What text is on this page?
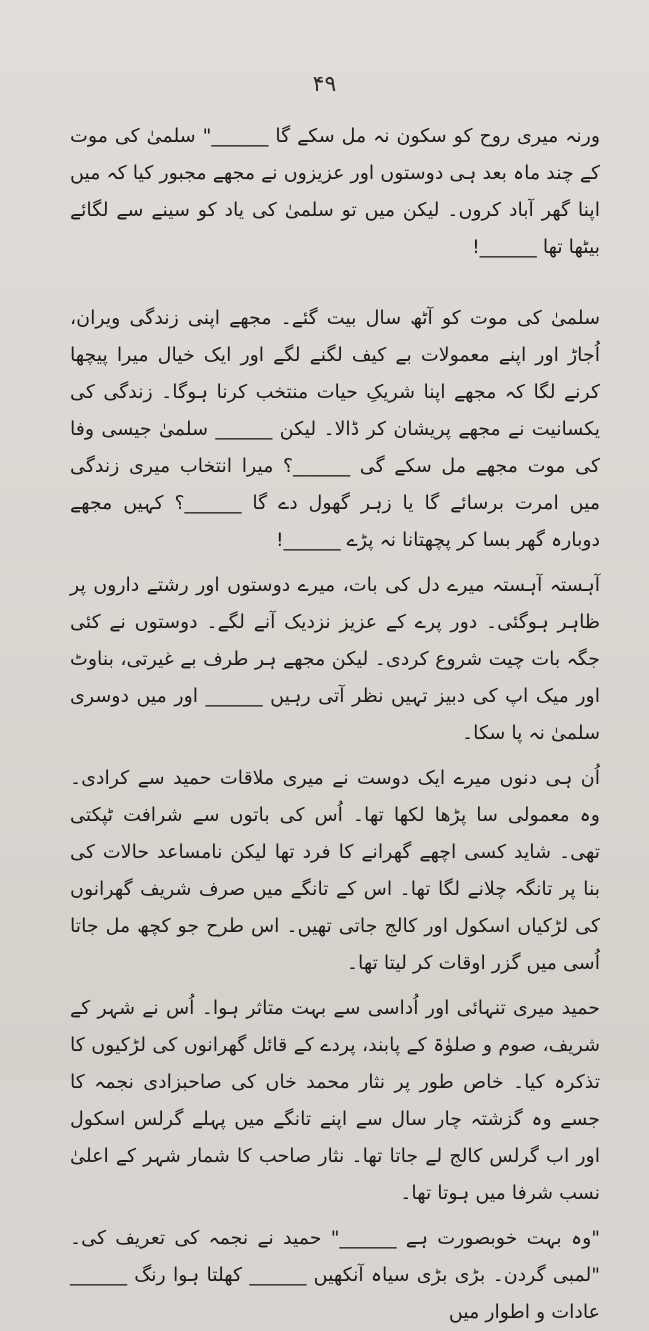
۴۹

ورنہ میری روح کو سکون نہ مل سکے گا ______" سلمیٰ کی موت کے چند ماہ بعد ہی دوستوں اور عزیزوں نے مجھے مجبور کیا کہ میں اپنا گھر آباد کروں۔ لیکن میں تو سلمیٰ کی یاد کو سینے سے لگائے بیٹھا تھا ______!

سلمیٰ کی موت کو آٹھ سال بیت گئے۔ مجھے اپنی زندگی ویران، اُجاڑ اور اپنے معمولات بے کیف لگنے لگے اور ایک خیال میرا پیچھا کرنے لگا کہ مجھے اپنا شریکِ حیات منتخب کرنا ہوگا۔ زندگی کی یکسانیت نے مجھے پریشان کر ڈالا۔ لیکن ______ سلمیٰ جیسی وفا کی موت مجھے مل سکے گی ______؟ میرا انتخاب میری زندگی میں امرت برسائے گا یا زہر گھول دے گا ______؟ کہیں مجھے دوبارہ گھر بسا کر پچھتانا نہ پڑے ______!

آہستہ آہستہ میرے دل کی بات، میرے دوستوں اور رشتے داروں پر ظاہر ہوگئی۔ دور پرے کے عزیز نزدیک آنے لگے۔ دوستوں نے کئی جگہ بات چیت شروع کردی۔ لیکن مجھے ہر طرف بے غیرتی، بناوٹ اور میک اپ کی دبیز تہیں نظر آتی رہیں ______ اور میں دوسری سلمیٰ نہ پا سکا۔

اُن ہی دنوں میرے ایک دوست نے میری ملاقات حمید سے کرادی۔ وہ معمولی سا پڑھا لکھا تھا۔ اُس کی باتوں سے شرافت ٹپکتی تھی۔ شاید کسی اچھے گھرانے کا فرد تھا لیکن نامساعد حالات کی بنا پر تانگہ چلانے لگا تھا۔ اس کے تانگے میں صرف شریف گھرانوں کی لڑکیاں اسکول اور کالج جاتی تھیں۔ اس طرح جو کچھ مل جاتا اُسی میں گزر اوقات کر لیتا تھا۔

حمید میری تنہائی اور اُداسی سے بہت متاثر ہوا۔ اُس نے شہر کے شریف، صوم و صلوٰۃ کے پابند، پردے کے قائل گھرانوں کی لڑکیوں کا تذکرہ کیا۔ خاص طور پر نثار محمد خاں کی صاحبزادی نجمہ کا جسے وہ گزشتہ چار سال سے اپنے تانگے میں پہلے گرلس اسکول اور اب گرلس کالج لے جاتا تھا۔ نثار صاحب کا شمار شہر کے اعلیٰ نسب شرفا میں ہوتا تھا۔

"وہ بہت خوبصورت ہے ______" حمید نے نجمہ کی تعریف کی۔ "لمبی گردن۔ بڑی بڑی سیاہ آنکھیں ______ کھلتا ہوا رنگ ______ عادات و اطوار میں
